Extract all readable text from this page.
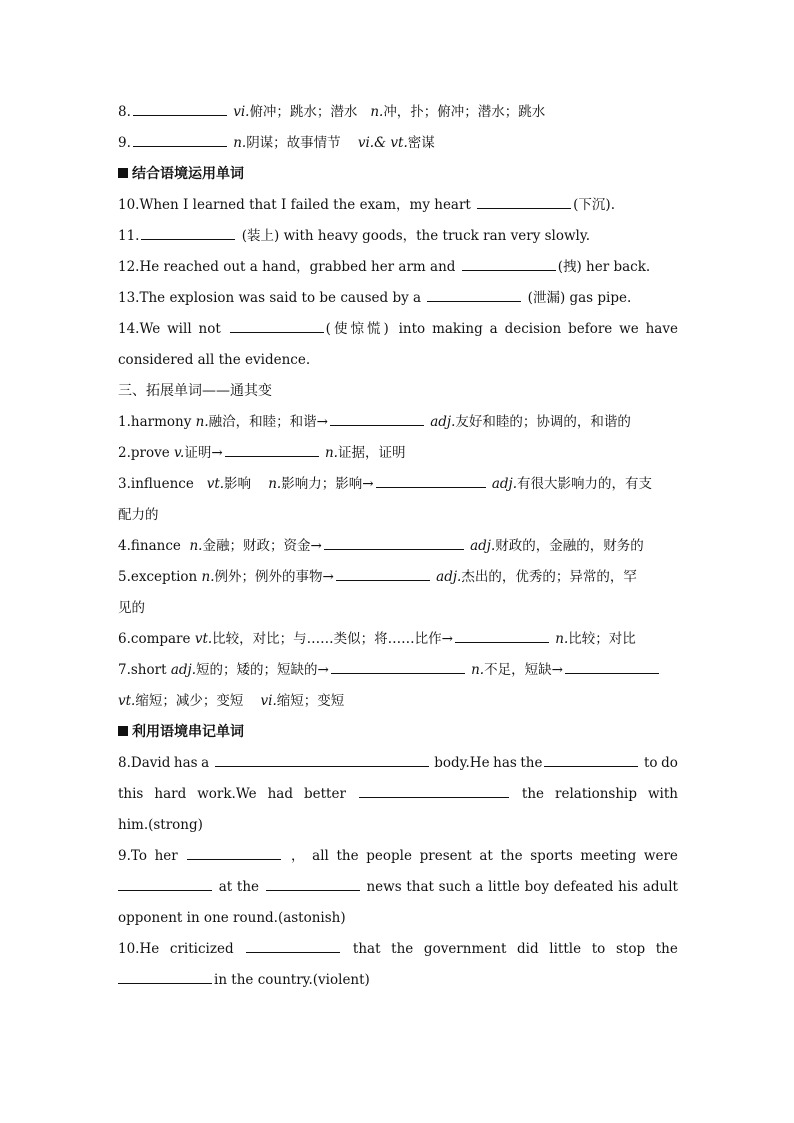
8.	vi.俯冲；跳水；潜水 n.冲，扑；俯冲；潜水；跳水
9.	n.阴谋；故事情节 vi.& vt.密谋
结合语境运用单词
10.When I learned that I failed the exam，my heart	(下沉).
11.	(装上) with heavy goods，the truck ran very slowly.
12.He reached out a hand，grabbed her arm and	(拽) her back.
13.The explosion was said to be caused by a	(泄漏) gas pipe.
14.We will not	(使惊慌) into making a decision before we have
considered all the evidence.
三、拓展单词——通其变
1.harmony n.融洽，和睦；和谐→	adj.友好和睦的；协调的，和谐的
2.prove v.证明→	n.证据，证明
3.influence vt.影响 n.影响力；影响→	adj.有很大影响力的，有支
配力的
4.finance n.金融；财政；资金→	adj.财政的，金融的，财务的
5.exception n.例外；例外的事物→	adj.杰出的，优秀的；异常的，罕
见的
6.compare vt.比较，对比；与……类似；将……比作→	n.比较；对比
7.short adj.短的；矮的；短缺的→	n.不足，短缺→
vt.缩短；减少；变短 vi.缩短；变短
利用语境串记单词
8.David has a	body.He has the	to do
this hard work.We had better	the relationship with
him.(strong)
9.To her	， all the people present at the sports meeting were
at the	news that such a little boy defeated his adult
opponent in one round.(astonish)
10.He criticized	that the government did little to stop the
in the country.(violent)
